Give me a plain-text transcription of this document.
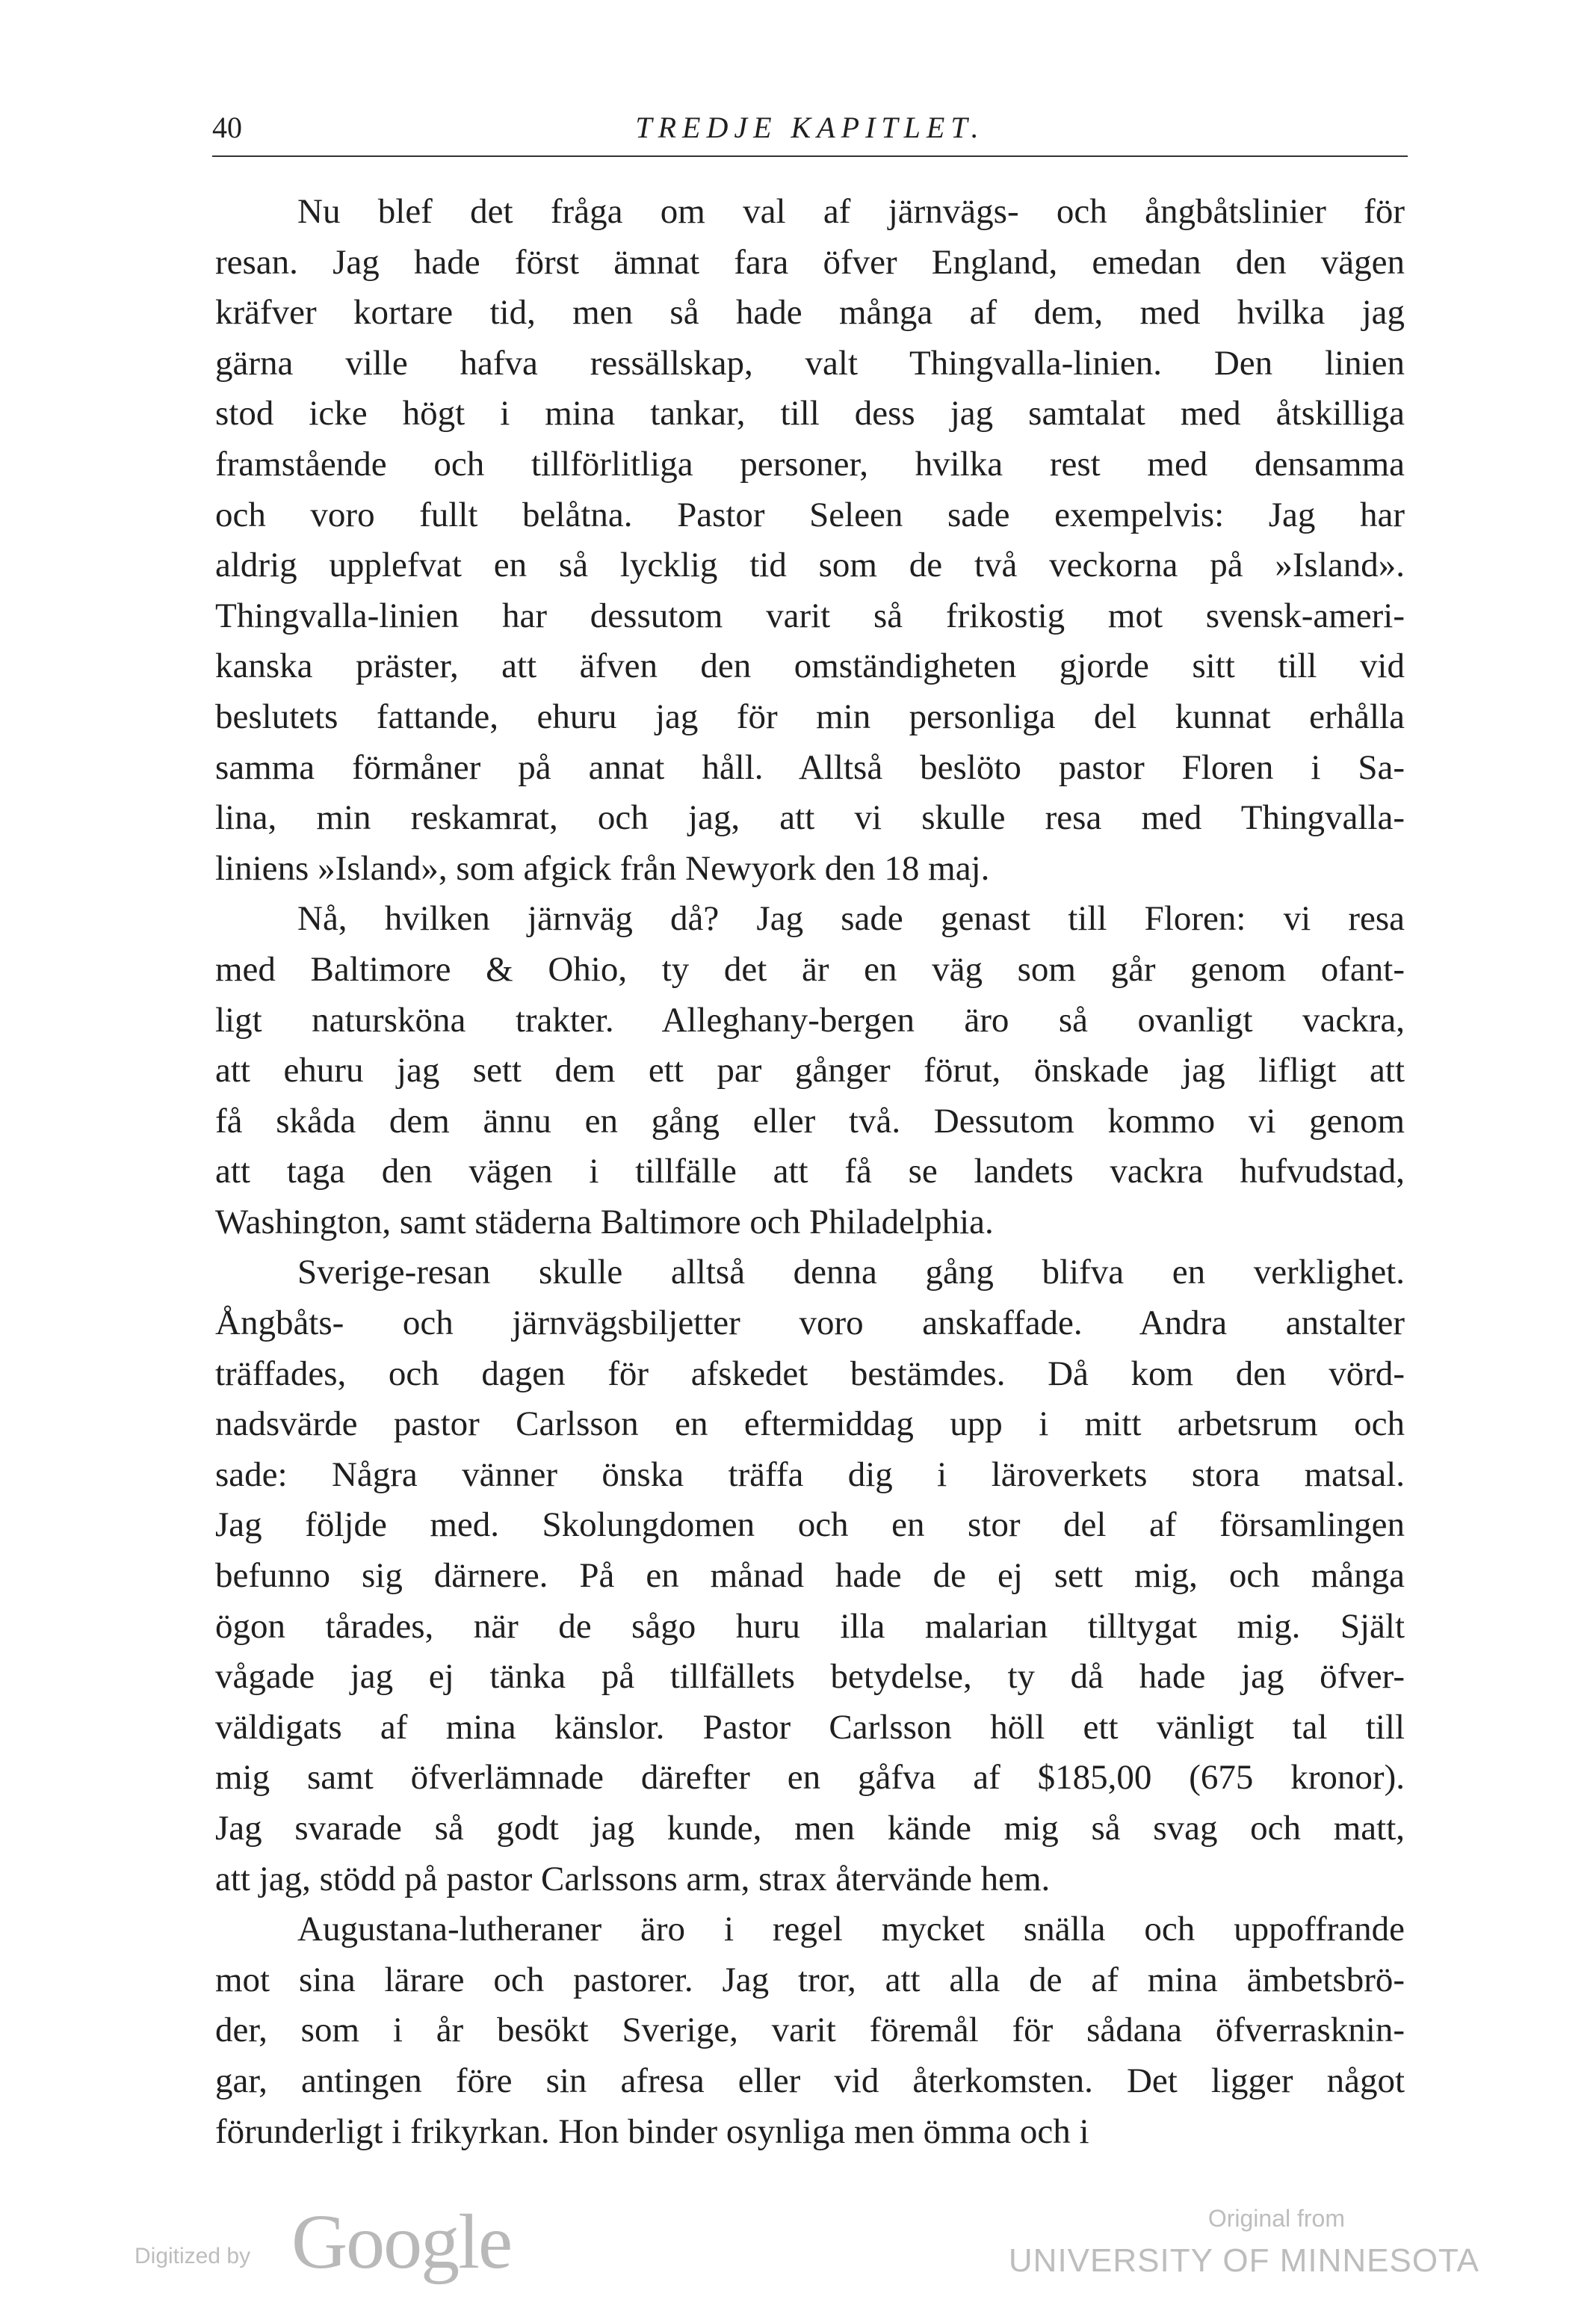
40	TREDJE KAPITLET.
Nu blef det fråga om val af järnvägs- och ångbåtslinier för
resan. Jag hade först ämnat fara öfver England, emedan den vägen
kräfver kortare tid, men så hade många af dem, med hvilka jag
gärna ville hafva ressällskap, valt Thingvalla-linien. Den linien
stod icke högt i mina tankar, till dess jag samtalat med åtskilliga
framstående och tillförlitliga personer, hvilka rest med densamma
och voro fullt belåtna. Pastor Seleen sade exempelvis: Jag har
aldrig upplefvat en så lycklig tid som de två veckorna på »Island».
Thingvalla-linien har dessutom varit så frikostig mot svensk-ameri-
kanska präster, att äfven den omständigheten gjorde sitt till vid
beslutets fattande, ehuru jag för min personliga del kunnat erhålla
samma förmåner på annat håll. Alltså beslöto pastor Floren i Sa-
lina, min reskamrat, och jag, att vi skulle resa med Thingvalla-
liniens »Island», som afgick från Newyork den 18 maj.
Nå, hvilken järnväg då? Jag sade genast till Floren: vi resa
med Baltimore & Ohio, ty det är en väg som går genom ofant-
ligt natursköna trakter. Alleghany-bergen äro så ovanligt vackra,
att ehuru jag sett dem ett par gånger förut, önskade jag lifligt att
få skåda dem ännu en gång eller två. Dessutom kommo vi genom
att taga den vägen i tillfälle att få se landets vackra hufvudstad,
Washington, samt städerna Baltimore och Philadelphia.
Sverige-resan skulle alltså denna gång blifva en verklighet.
Ångbåts- och järnvägsbiljetter voro anskaffade. Andra anstalter
träffades, och dagen för afskedet bestämdes. Då kom den vörd-
nadsvärde pastor Carlsson en eftermiddag upp i mitt arbetsrum och
sade: Några vänner önska träffa dig i läroverkets stora matsal.
Jag följde med. Skolungdomen och en stor del af församlingen
befunno sig därnere. På en månad hade de ej sett mig, och många
ögon tårades, när de sågo huru illa malarian tilltygat mig. Själt
vågade jag ej tänka på tillfällets betydelse, ty då hade jag öfver-
väldigats af mina känslor. Pastor Carlsson höll ett vänligt tal till
mig samt öfverlämnade därefter en gåfva af $185,00 (675 kronor).
Jag svarade så godt jag kunde, men kände mig så svag och matt,
att jag, stödd på pastor Carlssons arm, strax återvände hem.
Augustana-lutheraner äro i regel mycket snälla och uppoffrande
mot sina lärare och pastorer. Jag tror, att alla de af mina ämbetsbrö-
der, som i år besökt Sverige, varit föremål för sådana öfverrasknin-
gar, antingen före sin afresa eller vid återkomsten. Det ligger något
förunderligt i frikyrkan. Hon binder osynliga men ömma och i
Digitized by Google	Original from
UNIVERSITY OF MINNESOTA
